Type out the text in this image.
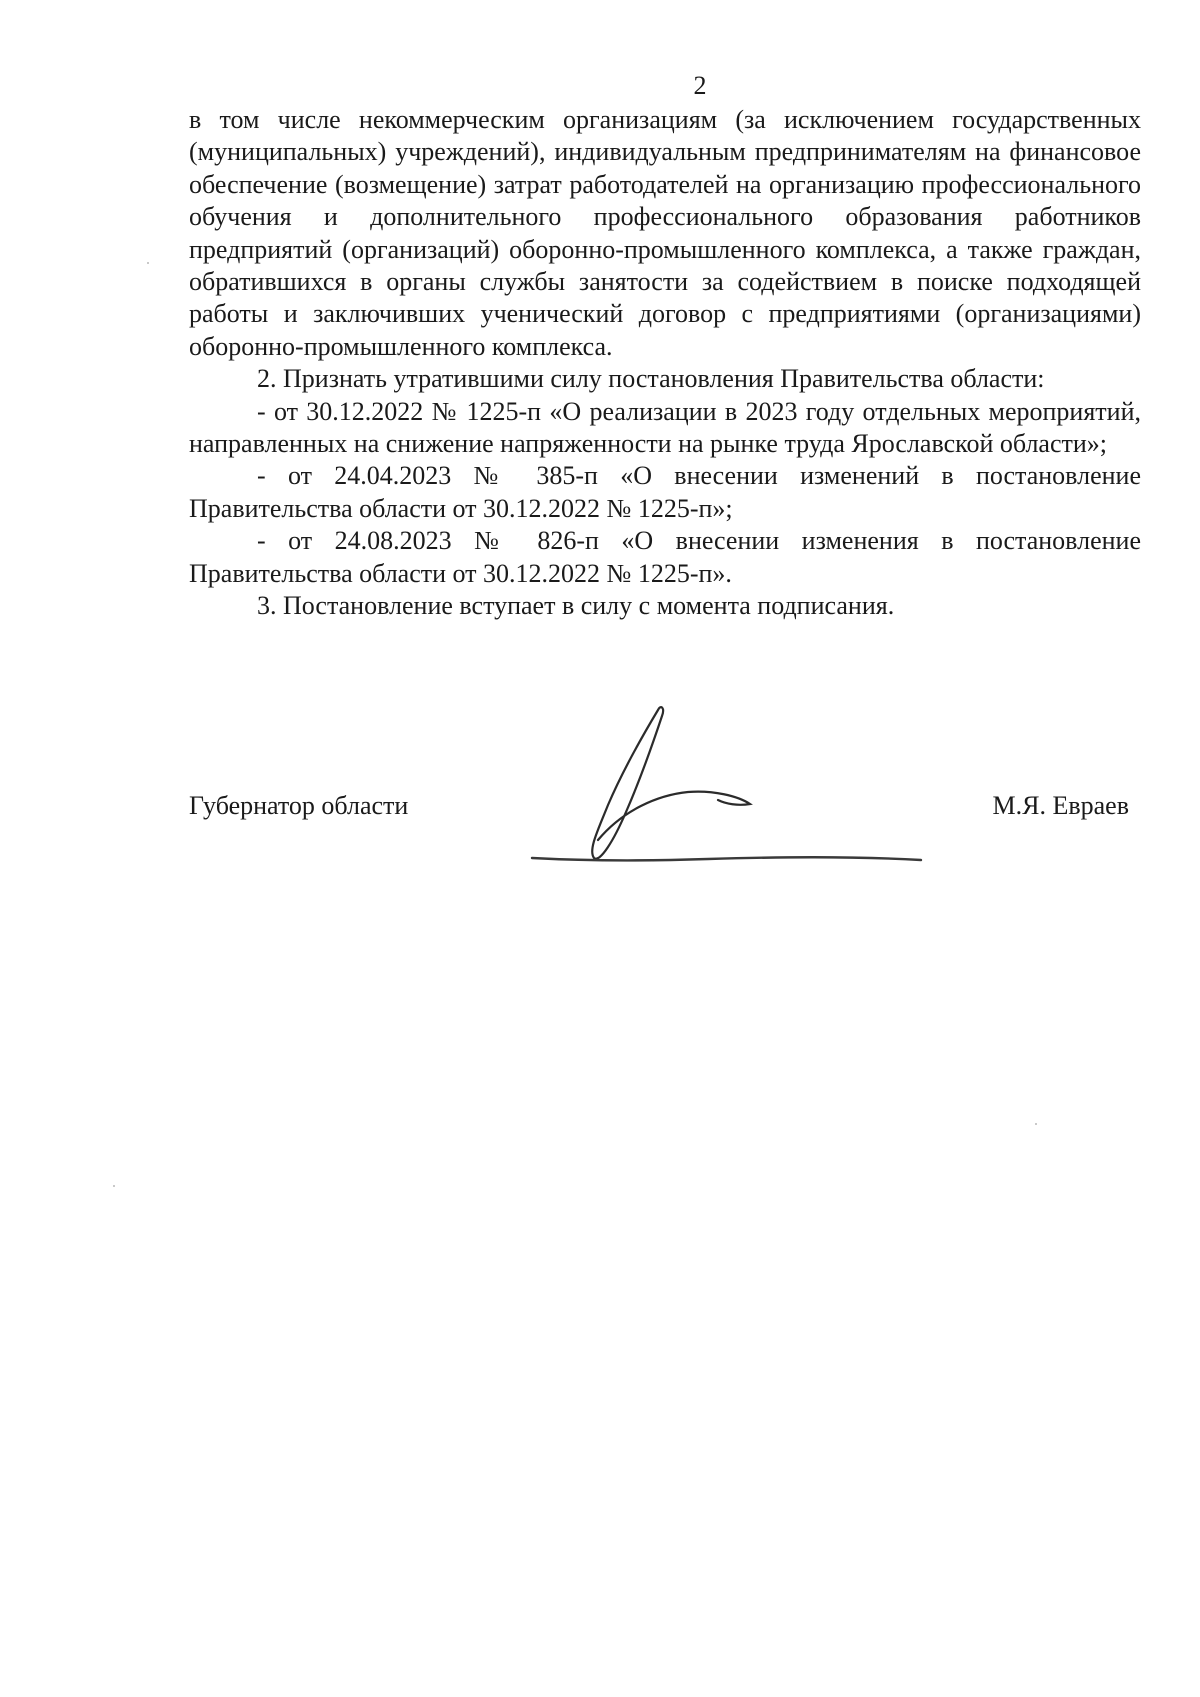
2

в том числе некоммерческим организациям (за исключением государственных (муниципальных) учреждений), индивидуальным предпринимателям на финансовое обеспечение (возмещение) затрат работодателей на организацию профессионального обучения и дополнительного профессионального образования работников предприятий (организаций) оборонно-промышленного комплекса, а также граждан, обратившихся в органы службы занятости за содействием в поиске подходящей работы и заключивших ученический договор с предприятиями (организациями) оборонно-промышленного комплекса.

2. Признать утратившими силу постановления Правительства области:

- от 30.12.2022 № 1225-п «О реализации в 2023 году отдельных мероприятий, направленных на снижение напряженности на рынке труда Ярославской области»;

- от 24.04.2023 № 385-п «О внесении изменений в постановление Правительства области от 30.12.2022 № 1225-п»;

- от 24.08.2023 № 826-п «О внесении изменения в постановление Правительства области от 30.12.2022 № 1225-п».

3. Постановление вступает в силу с момента подписания.

Губернатор области	М.Я. Евраев
